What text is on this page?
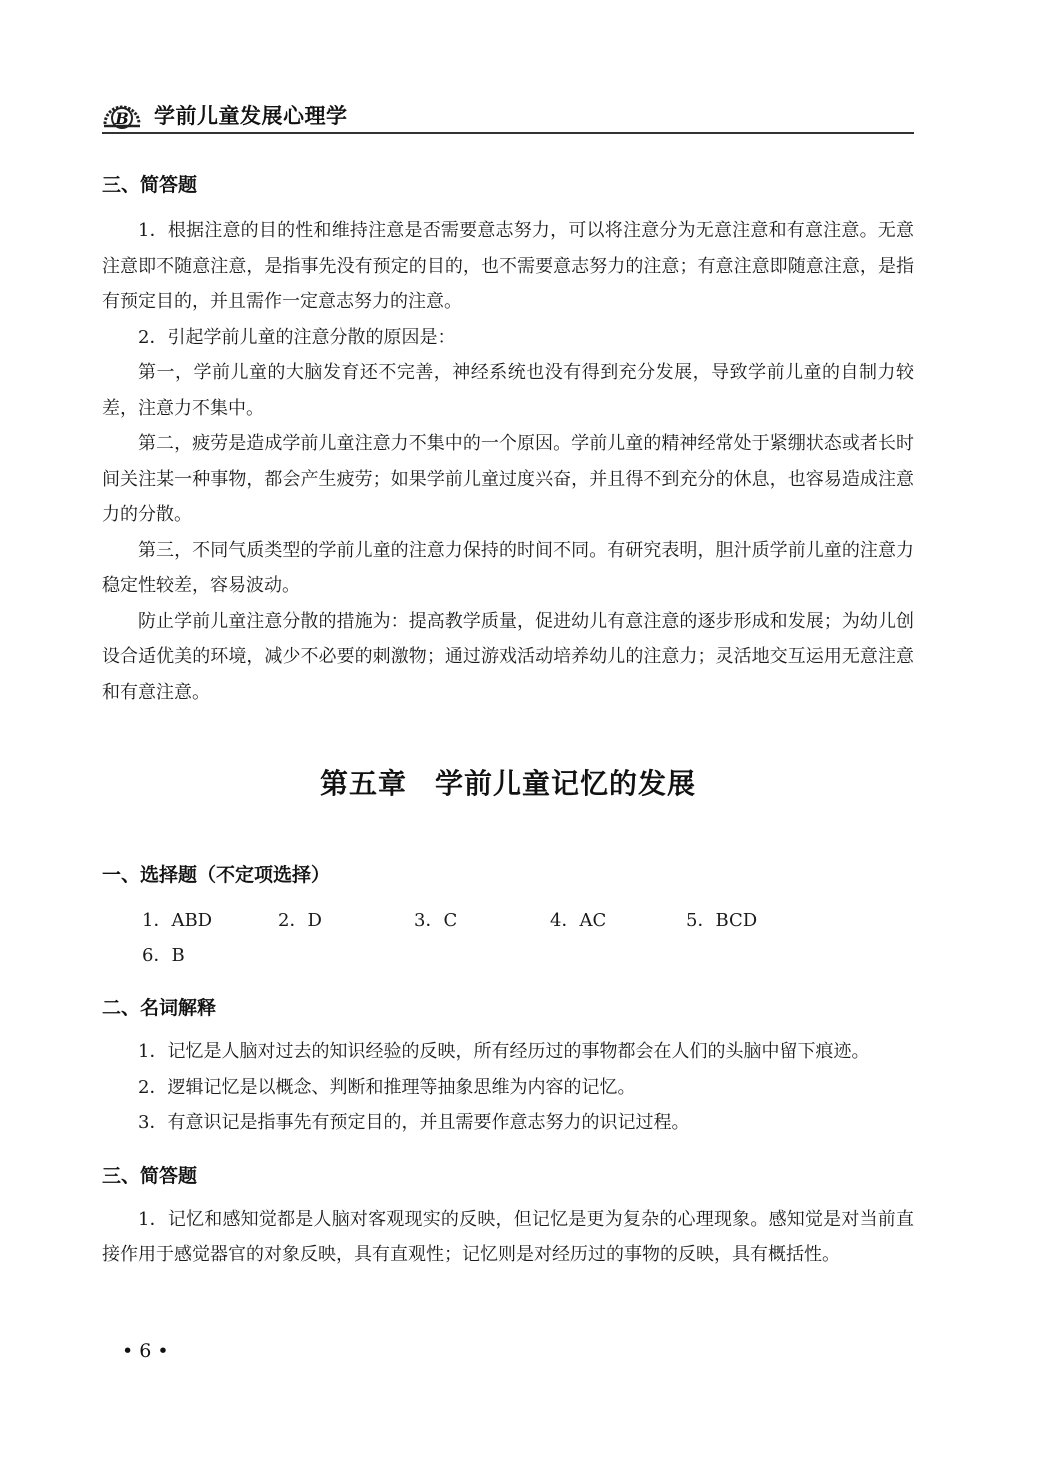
B 学前儿童发展心理学
三、简答题

1．根据注意的目的性和维持注意是否需要意志努力，可以将注意分为无意注意和有意注意。无意注意即不随意注意，是指事先没有预定的目的，也不需要意志努力的注意；有意注意即随意注意，是指有预定目的，并且需作一定意志努力的注意。

2．引起学前儿童的注意分散的原因是：

第一，学前儿童的大脑发育还不完善，神经系统也没有得到充分发展，导致学前儿童的自制力较差，注意力不集中。

第二，疲劳是造成学前儿童注意力不集中的一个原因。学前儿童的精神经常处于紧绷状态或者长时间关注某一种事物，都会产生疲劳；如果学前儿童过度兴奋，并且得不到充分的休息，也容易造成注意力的分散。

第三，不同气质类型的学前儿童的注意力保持的时间不同。有研究表明，胆汁质学前儿童的注意力稳定性较差，容易波动。

防止学前儿童注意分散的措施为：提高教学质量，促进幼儿有意注意的逐步形成和发展；为幼儿创设合适优美的环境，减少不必要的刺激物；通过游戏活动培养幼儿的注意力；灵活地交互运用无意注意和有意注意。

第五章 学前儿童记忆的发展
一、选择题（不定项选择）
1．ABD	2．D	3．C	4．AC	5．BCD
6．B
二、名词解释

1．记忆是人脑对过去的知识经验的反映，所有经历过的事物都会在人们的头脑中留下痕迹。

2．逻辑记忆是以概念、判断和推理等抽象思维为内容的记忆。

3．有意识记是指事先有预定目的，并且需要作意志努力的识记过程。

三、简答题

1．记忆和感知觉都是人脑对客观现实的反映，但记忆是更为复杂的心理现象。感知觉是对当前直接作用于感觉器官的对象反映，具有直观性；记忆则是对经历过的事物的反映，具有概括性。

• 6 •
